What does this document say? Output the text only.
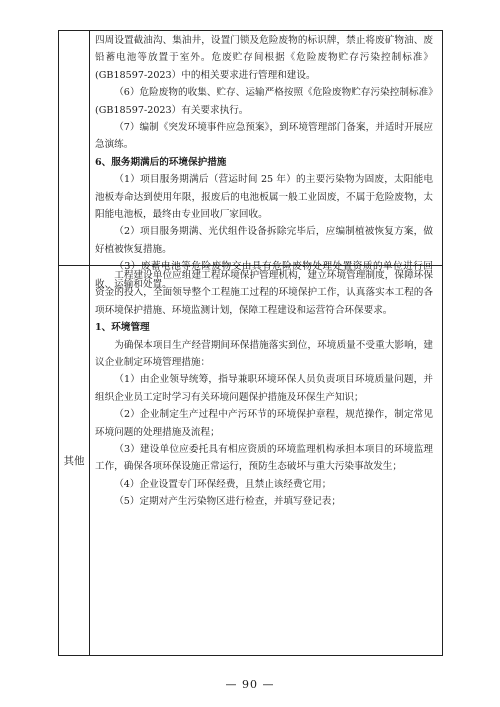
四周设置截油沟、集油井，设置门锁及危险废物的标识牌，禁止将废矿物油、废铅蓄电池等放置于室外。危废贮存间根据《危险废物贮存污染控制标准》(GB18597-2023）中的相关要求进行管理和建设。

（6）危险废物的收集、贮存、运输严格按照《危险废物贮存污染控制标准》(GB18597-2023）有关要求执行。

（7）编制《突发环境事件应急预案》，到环境管理部门备案，并适时开展应急演练。

6、服务期满后的环境保护措施

（1）项目服务期满后（营运时间 25 年）的主要污染物为固废，太阳能电池板寿命达到使用年限，报废后的电池板属一般工业固废，不属于危险废物，太阳能电池板，最终由专业回收厂家回收。

（2）项目服务期满、光伏组件设备拆除完毕后，应编制植被恢复方案，做好植被恢复措施。

（3）废蓄电池等危险废物交由具有危险废物处理处置资质的单位进行回收、运输和处置。

其他

工程建设单位应组建工程环境保护管理机构，建立环境管理制度，保障环保资金的投入，全面领导整个工程施工过程的环境保护工作，认真落实本工程的各项环境保护措施、环境监测计划，保障工程建设和运营符合环保要求。

1、环境管理

为确保本项目生产经营期间环保措施落实到位，环境质量不受重大影响，建议企业制定环境管理措施：

（1）由企业领导统筹，指导兼职环境环保人员负责项目环境质量问题，并组织企业员工定时学习有关环境问题保护措施及环保生产知识；

（2）企业制定生产过程中产污环节的环境保护章程，规范操作，制定常见环境问题的处理措施及流程；

（3）建设单位应委托具有相应资质的环境监理机构承担本项目的环境监理工作，确保各项环保设施正常运行，预防生态破坏与重大污染事故发生；

（4）企业设置专门环保经费，且禁止该经费它用；

（5）定期对产生污染物区进行检查，并填写登记表；

— 90 —
